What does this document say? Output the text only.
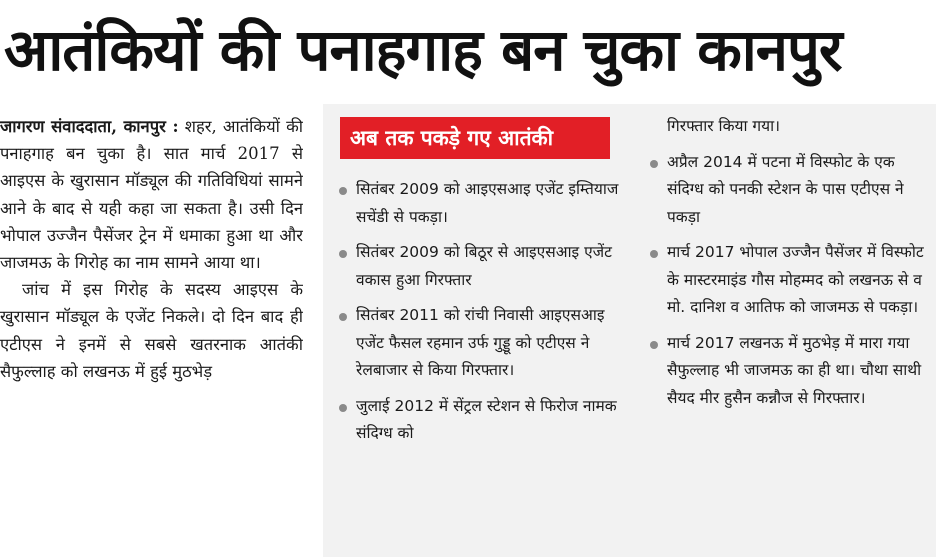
आतंकियों की पनाहगाह बन चुका कानपुर

जागरण संवाददाता, कानपुर : शहर, आतंकियों की पनाहगाह बन चुका है। सात मार्च 2017 से आइएस के खुरासान मॉड्यूल की गतिविधियां सामने आने के बाद से यही कहा जा सकता है। उसी दिन भोपाल उज्जैन पैसेंजर ट्रेन में धमाका हुआ था और जाजमऊ के गिरोह का नाम सामने आया था।

जांच में इस गिरोह के सदस्य आइएस के खुरासान मॉड्यूल के एजेंट निकले। दो दिन बाद ही एटीएस ने इनमें से सबसे खतरनाक आतंकी सैफुल्लाह को लखनऊ में हुई मुठभेड़

अब तक पकड़े गए आतंकी
सितंबर 2009 को आइएसआइ एजेंट इम्तियाज सचेंडी से पकड़ा।
सितंबर 2009 को बिठूर से आइएसआइ एजेंट वकास हुआ गिरफ्तार
सितंबर 2011 को रांची निवासी आइएसआइ एजेंट फैसल रहमान उर्फ गुड्डू को एटीएस ने रेलबाजार से किया गिरफ्तार।
जुलाई 2012 में सेंट्रल स्टेशन से फिरोज नामक संदिग्ध को
गिरफ्तार किया गया।
अप्रैल 2014 में पटना में विस्फोट के एक संदिग्ध को पनकी स्टेशन के पास एटीएस ने पकड़ा
मार्च 2017 भोपाल उज्जैन पैसेंजर में विस्फोट के मास्टरमाइंड गौस मोहम्मद को लखनऊ से व मो. दानिश व आतिफ को जाजमऊ से पकड़ा।
मार्च 2017 लखनऊ में मुठभेड़ में मारा गया सैफुल्लाह भी जाजमऊ का ही था। चौथा साथी सैयद मीर हुसैन कन्नौज से गिरफ्तार।
